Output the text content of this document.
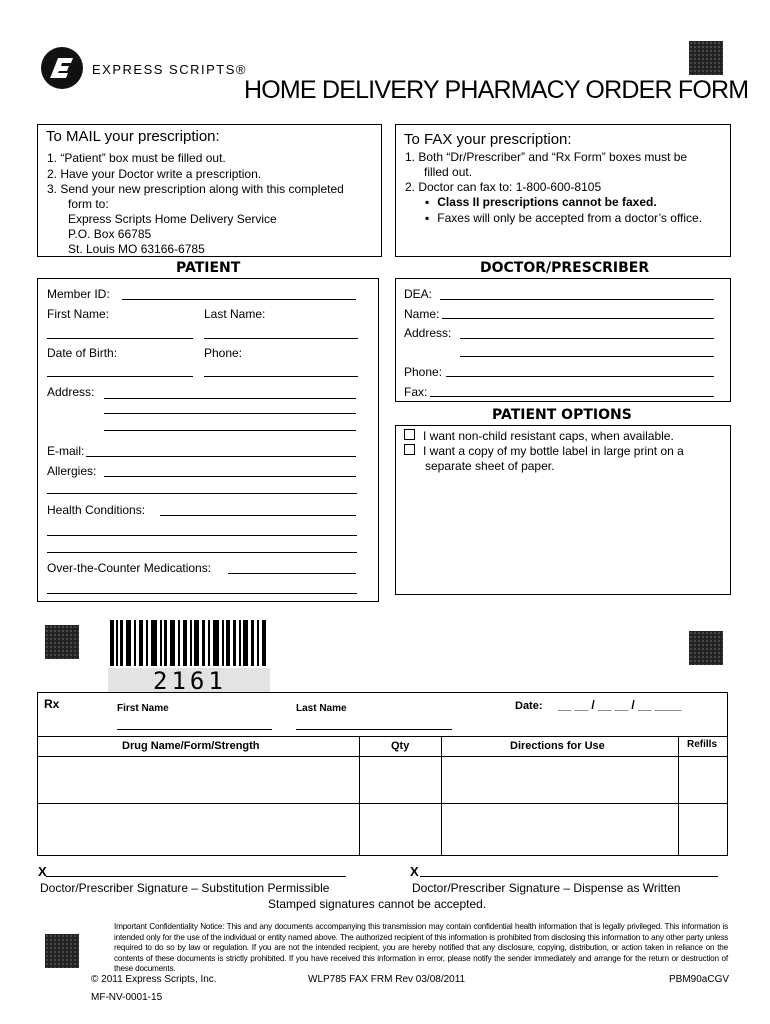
EXPRESS SCRIPTS®
HOME DELIVERY PHARMACY ORDER FORM
To MAIL your prescription:
1. “Patient” box must be filled out.
2. Have your Doctor write a prescription.
3. Send your new prescription along with this completed
form to:
Express Scripts Home Delivery Service
P.O. Box 66785
St. Louis MO 63166-6785
To FAX your prescription:
1. Both “Dr/Prescriber” and “Rx Form” boxes must be
filled out.
2. Doctor can fax to: 1-800-600-8105
▪ Class II prescriptions cannot be faxed.
▪ Faxes will only be accepted from a doctor’s office.
PATIENT
Member ID:
First Name:	Last Name:
Date of Birth:	Phone:
Address:
E-mail:
Allergies:
Health Conditions:
Over-the-Counter Medications:
DOCTOR/PRESCRIBER
DEA:
Name:
Address:
Phone:
Fax:
PATIENT OPTIONS
I want non-child resistant caps, when available.
I want a copy of my bottle label in large print on a
separate sheet of paper.
2161
Rx	First Name	Last Name	Date: __ __ / __ __ / __ ____
Drug Name/Form/Strength	Qty	Directions for Use	Refills
X
Doctor/Prescriber Signature – Substitution Permissible
X
Doctor/Prescriber Signature – Dispense as Written
Stamped signatures cannot be accepted.
Important Confidentiality Notice: This and any documents accompanying this transmission may contain confidential health information that is legally privileged. This information is intended only for the use of the individual or entity named above. The authorized recipient of this information is prohibited from disclosing this information to any other party unless required to do so by law or regulation. If you are not the intended recipient, you are hereby notified that any disclosure, copying, distribution, or action taken in reliance on the contents of these documents is strictly prohibited. If you have received this information in error, please notify the sender immediately and arrange for the return or destruction of these documents.
© 2011 Express Scripts, Inc.	WLP785 FAX FRM Rev 03/08/2011	PBM90aCGV
MF-NV-0001-15
